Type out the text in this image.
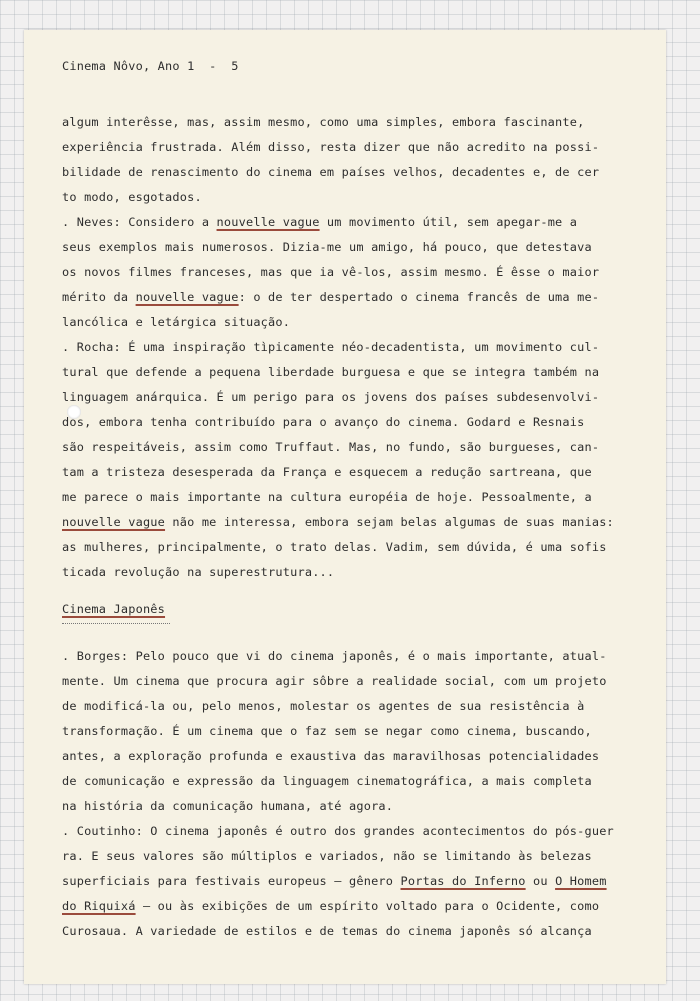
Cinema Nôvo, Ano 1  -  5
algum interêsse, mas, assim mesmo, como uma simples, embora fascinante,
experiência frustrada. Além disso, resta dizer que não acredito na possi-
bilidade de renascimento do cinema em países velhos, decadentes e, de cer
to modo, esgotados.
. Neves: Considero a nouvelle vague um movimento útil, sem apegar-me a
seus exemplos mais numerosos. Dizia-me um amigo, há pouco, que detestava
os novos filmes franceses, mas que ia vê-los, assim mesmo. É êsse o maior
mérito da nouvelle vague: o de ter despertado o cinema francês de uma me-
lancólica e letárgica situação.
. Rocha: É uma inspiração tìpicamente néo-decadentista, um movimento cul-
tural que defende a pequena liberdade burguesa e que se integra também na
linguagem anárquica. É um perigo para os jovens dos países subdesenvolvi-
dos, embora tenha contribuído para o avanço do cinema. Godard e Resnais
são respeitáveis, assim como Truffaut. Mas, no fundo, são burgueses, can-
tam a tristeza desesperada da França e esquecem a redução sartreana, que
me parece o mais importante na cultura européia de hoje. Pessoalmente, a
nouvelle vague não me interessa, embora sejam belas algumas de suas manias:
as mulheres, principalmente, o trato delas. Vadim, sem dúvida, é uma sofis
ticada revolução na superestrutura...
Cinema Japonês
. Borges: Pelo pouco que vi do cinema japonês, é o mais importante, atual-
mente. Um cinema que procura agir sôbre a realidade social, com um projeto
de modificá-la ou, pelo menos, molestar os agentes de sua resistência à
transformação. É um cinema que o faz sem se negar como cinema, buscando,
antes, a exploração profunda e exaustiva das maravilhosas potencialidades
de comunicação e expressão da linguagem cinematográfica, a mais completa
na história da comunicação humana, até agora.
. Coutinho: O cinema japonês é outro dos grandes acontecimentos do pós-guer
ra. E seus valores são múltiplos e variados, não se limitando às belezas
superficiais para festivais europeus — gênero Portas do Inferno ou O Homem
do Riquixá — ou às exibições de um espírito voltado para o Ocidente, como
Curosaua. A variedade de estilos e de temas do cinema japonês só alcança
